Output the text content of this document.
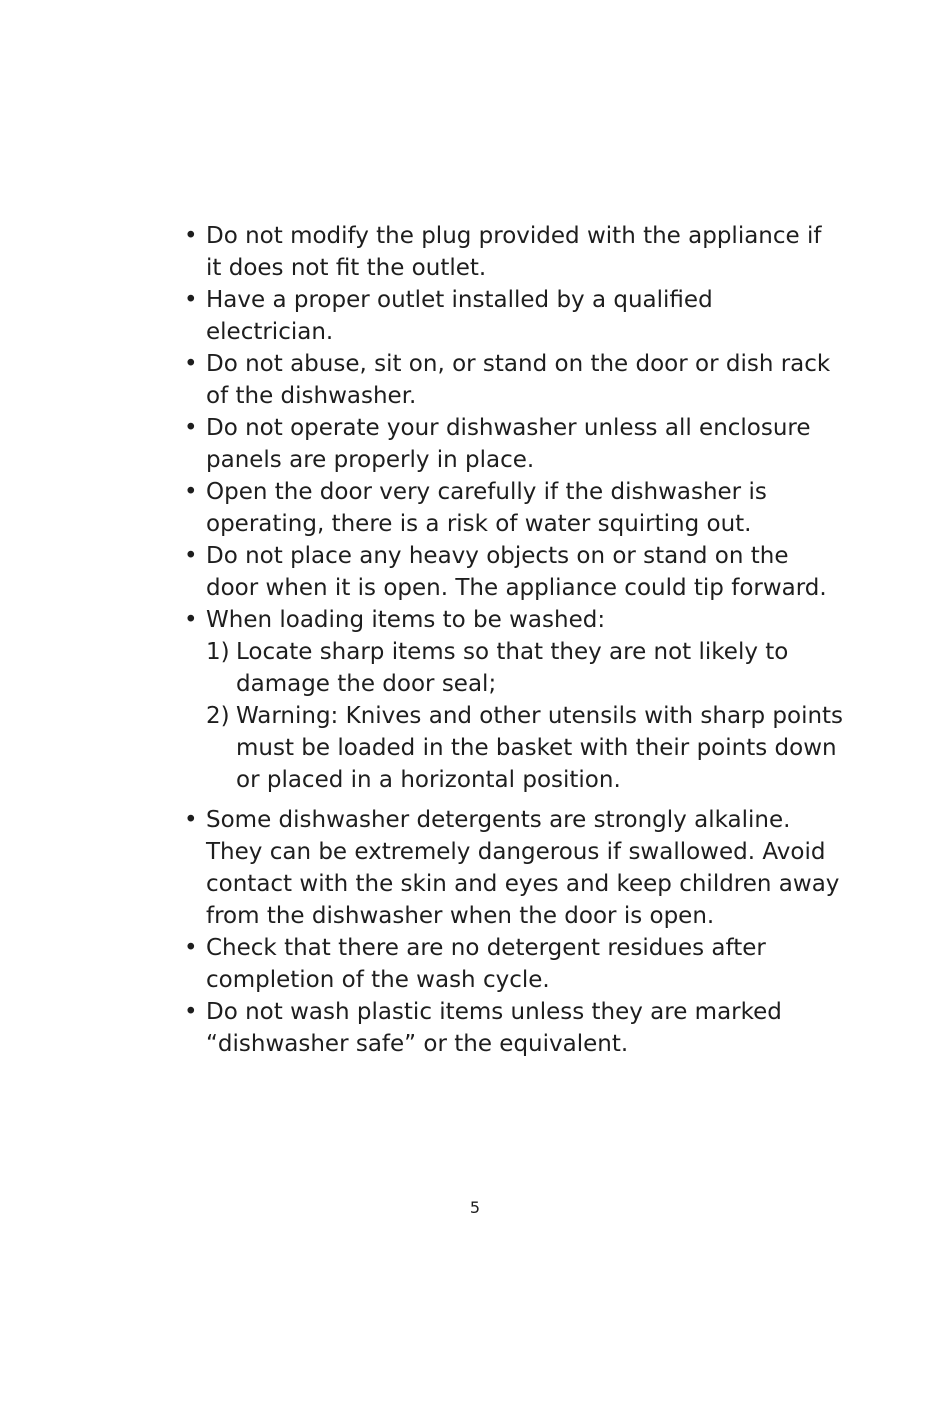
• Do not modify the plug provided with the appliance if it does not fit the outlet.
• Have a proper outlet installed by a qualified electrician.
• Do not abuse, sit on, or stand on the door or dish rack of the dishwasher.
• Do not operate your dishwasher unless all enclosure panels are properly in place.
• Open the door very carefully if the dishwasher is operating, there is a risk of water squirting out.
• Do not place any heavy objects on or stand on the door when it is open. The appliance could tip forward.
• When loading items to be washed:
1) Locate sharp items so that they are not likely to damage the door seal;
2) Warning: Knives and other utensils with sharp points must be loaded in the basket with their points down or placed in a horizontal position.
• Some dishwasher detergents are strongly alkaline. They can be extremely dangerous if swallowed. Avoid contact with the skin and eyes and keep children away from the dishwasher when the door is open.
• Check that there are no detergent residues after completion of the wash cycle.
• Do not wash plastic items unless they are marked “dishwasher safe” or the equivalent.
5
